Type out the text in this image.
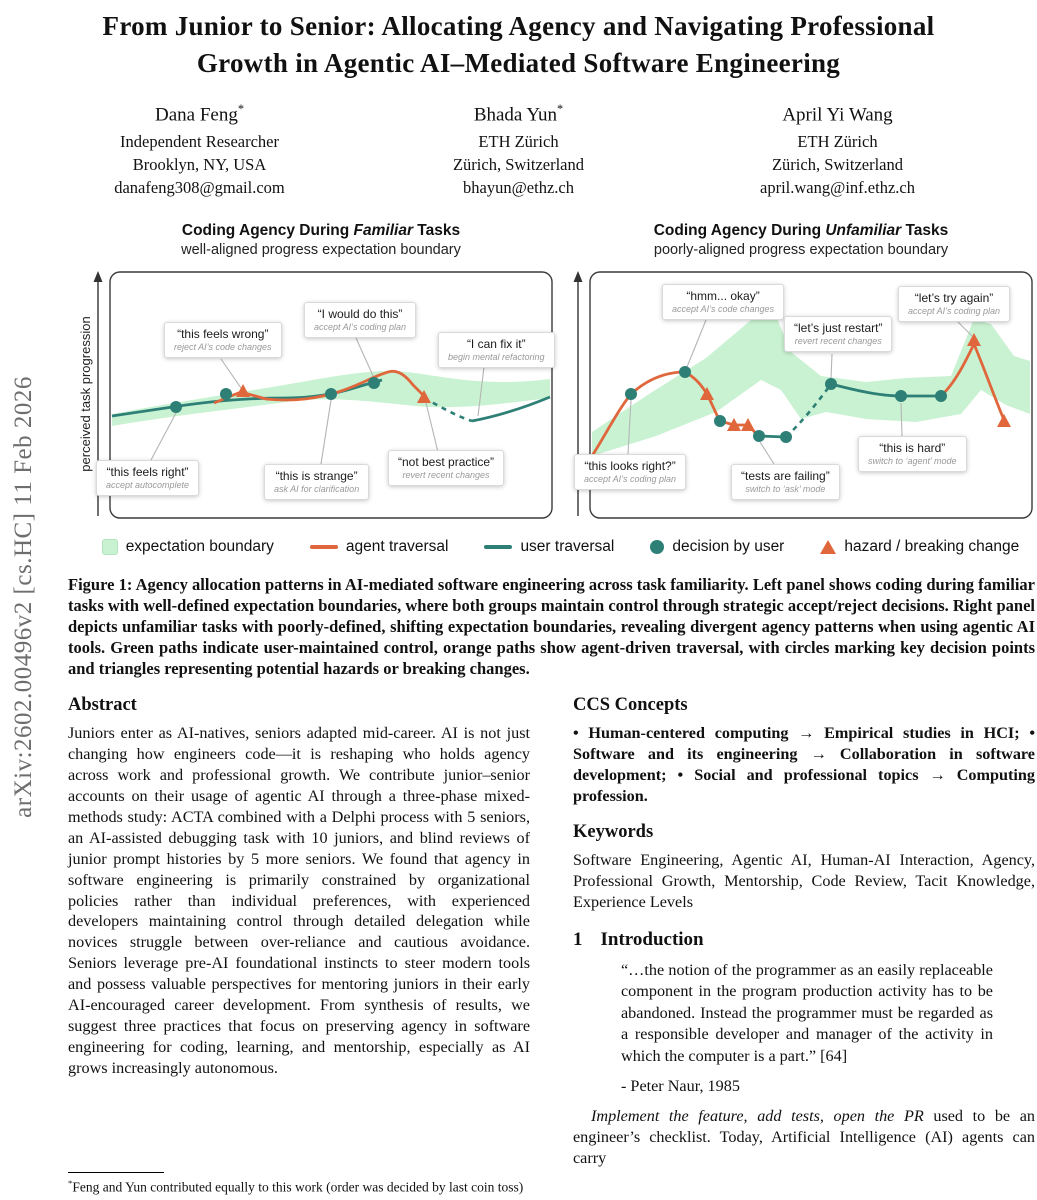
arXiv:2602.00496v2 [cs.HC] 11 Feb 2026
From Junior to Senior: Allocating Agency and Navigating Professional Growth in Agentic AI–Mediated Software Engineering
Dana Feng*
Independent Researcher
Brooklyn, NY, USA
danafeng308@gmail.com
Bhada Yun*
ETH Zürich
Zürich, Switzerland
bhayun@ethz.ch
April Yi Wang
ETH Zürich
Zürich, Switzerland
april.wang@inf.ethz.ch
Coding Agency During Familiar Tasks
well-aligned progress expectation boundary
perceived task progression	“this feels wrong”
reject AI’s code changes
“I would do this”
accept AI’s coding plan
“I can fix it”
begin mental refactoring
“this feels right”
accept autocomplete
“this is strange”
ask AI for clarification
“not best practice”
revert recent changes
Coding Agency During Unfamiliar Tasks
poorly-aligned progress expectation boundary
“hmm... okay”
accept AI’s code changes
“let’s just restart”
revert recent changes
“let’s try again”
accept AI’s coding plan
“this looks right?”
accept AI’s coding plan	“tests are failing”
switch to ‘ask’ mode
“this is hard”
switch to ‘agent’ mode
expectation boundary	agent traversal	user traversal	decision by user	hazard / breaking change
Figure 1: Agency allocation patterns in AI-mediated software engineering across task familiarity. Left panel shows coding during familiar tasks with well-defined expectation boundaries, where both groups maintain control through strategic accept/reject decisions. Right panel depicts unfamiliar tasks with poorly-defined, shifting expectation boundaries, revealing divergent agency patterns when using agentic AI tools. Green paths indicate user-maintained control, orange paths show agent-driven traversal, with circles marking key decision points and triangles representing potential hazards or breaking changes.
Abstract
Juniors enter as AI-natives, seniors adapted mid-career. AI is not just changing how engineers code—it is reshaping who holds agency across work and professional growth. We contribute junior–senior accounts on their usage of agentic AI through a three-phase mixed-methods study: ACTA combined with a Delphi process with 5 seniors, an AI-assisted debugging task with 10 juniors, and blind reviews of junior prompt histories by 5 more seniors. We found that agency in software engineering is primarily constrained by organizational policies rather than individual preferences, with experienced developers maintaining control through detailed delegation while novices struggle between over-reliance and cautious avoidance. Seniors leverage pre-AI foundational instincts to steer modern tools and possess valuable perspectives for mentoring juniors in their early AI-encouraged career development. From synthesis of results, we suggest three practices that focus on preserving agency in software engineering for coding, learning, and mentorship, especially as AI grows increasingly autonomous.
CCS Concepts
• Human-centered computing → Empirical studies in HCI; • Software and its engineering → Collaboration in software development; • Social and professional topics → Computing profession.
Keywords
Software Engineering, Agentic AI, Human-AI Interaction, Agency, Professional Growth, Mentorship, Code Review, Tacit Knowledge, Experience Levels
1 Introduction
“…the notion of the programmer as an easily replaceable component in the program production activity has to be abandoned. Instead the programmer must be regarded as a responsible developer and manager of the activity in which the computer is a part.” [64]
- Peter Naur, 1985
Implement the feature, add tests, open the PR used to be an engineer’s checklist. Today, Artificial Intelligence (AI) agents can carry
*Feng and Yun contributed equally to this work (order was decided by last coin toss)
